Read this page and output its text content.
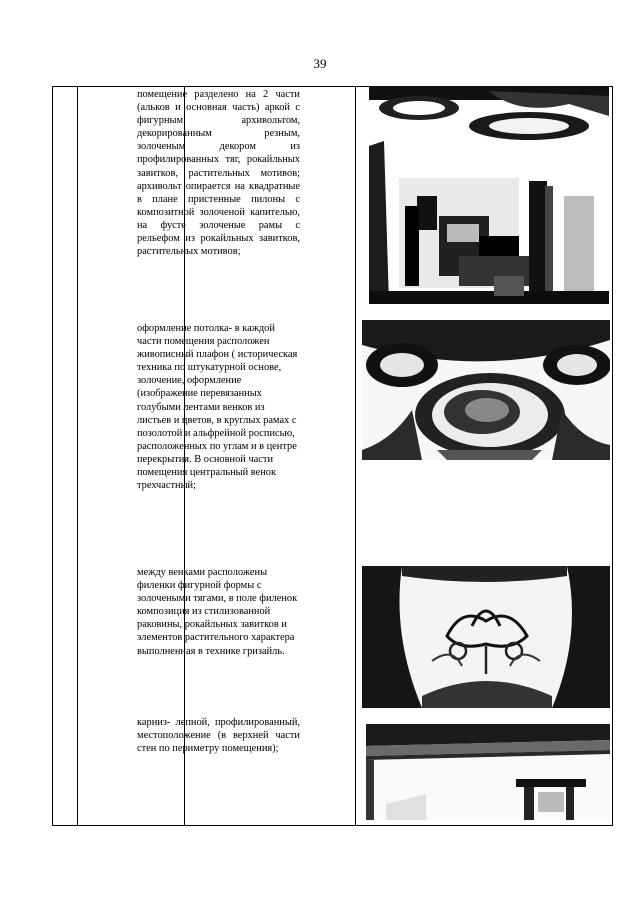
39
помещение разделено на 2 части (альков и основная часть) аркой с фигурным архивольтом, декорированным резным, золоченым декором из профилированных тяг, рокайльных завитков, растительных мотивов; архивольт опирается на квадратные в плане пристенные пилоны с композитной золоченой капителью, на фусте золоченые рамы с рельефом из рокайльных завитков, растительных мотивов;
оформление потолка- в каждой части помещения расположен живописный плафон ( историческая техника по штукатурной основе, золочение, оформление (изображение перевязанных голубыми лентами венков из листьев и цветов, в круглых рамах с позолотой и альфрейной росписью, расположенных по углам и в центре перекрытия. В основной части помещения центральный венок трехчастный;
между венками расположены филенки фигурной формы с золочеными тягами, в поле филенок композиция из стилизованной раковины, рокайльных завитков и элементов растительного характера выполненная в технике гризайль.
карниз- лепной, профилированный, местоположение (в верхней части стен по периметру помещения);
